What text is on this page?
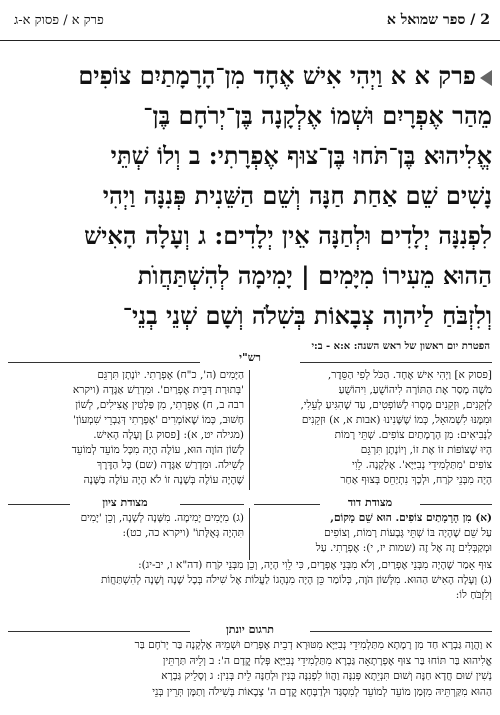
2 / ספר שמואל א
פרק א / פסוק א-ג
פרק א א וַיְהִי אִישׁ אֶחָד מִן־הָרָמָתַיִם צוֹפִים
מֵהַר אֶפְרָיִם וּשְׁמוֹ אֶלְקָנָה בֶּן־יְרֹחָם בֶּן־
אֱלִיהוּא בֶּן־תֹּחוּ בֶּן־צוּף אֶפְרָתִי: ב וְלוֹ שְׁתֵּי
נָשִׁים שֵׁם אַחַת חַנָּה וְשֵׁם הַשֵּׁנִית פְּנִנָּה וַיְהִי
לִפְנִנָּה יְלָדִים וּלְחַנָּה אֵין יְלָדִים: ג וְעָלָה הָאִישׁ
הַהוּא מֵעִירוֹ מִיָּמִים | יָמִימָה לְהִשְׁתַּחֲוֺת
וְלִזְבֹּחַ לַיהוָה צְבָאוֹת בְּשִׁלֹה וְשָׁם שְׁנֵי בְנֵי־
הפטרת יום ראשון של ראש השנה: א:א - ב:י
רש"י
[פסוק א] וַיְהִי אִישׁ אֶחָד. הַכֹּל לְפִי הַסֵּדֶר,
מֹשֶׁה מָסַר אֶת הַתּוֹרָה לִיהוֹשֻׁעַ, וִיהוֹשֻׁעַ
לַזְּקֵנִים, וּזְקֵנִים מָסְרוּ לַשּׁוֹפְטִים, עַד שֶׁהִגִּיעַ לְעֵלִי,
וּמִמֶּנּוּ לִשְׁמוּאֵל, כְּמוֹ שֶׁשָּׁנִינוּ (אבות א, א) וּזְקֵנִים
לַנְּבִיאִים: מִן הָרָמָתַיִם צוֹפִים. שְׁתֵּי רָמוֹת
הָיוּ שֶׁצּוֹפוֹת זוֹ אֶת זוֹ, וְיוֹנָתָן תִּרְגֵּם
צוֹפִים 'מִתַּלְמִידֵי נְבִיַּיָּא'. אֶלְקָנָה. לֵוִי
הָיָה מִבְּנֵי קֹרַח, וּלְכָךְ נִתְיַחֵס בְּצוּף אַחַר
הַיָּמִים (ה', כ"ח) אֶפְרָתִי. יוֹנָתָן תִּרְגֵּם
'בְּתוּרַת דְּבֵית אֶפְרַיִם'. וּמִדְרַשׁ אַגָּדָה (ויקרא
רבה ב, ח) אֶפְרָתִי, מִן פַּלְטִין אֲצִילִים, לְשׁוֹן
חָשׁוּב, כְּמוֹ שֶׁאוֹמְרִים 'אֶפְרָתִי דְּגַבְרֵי שִׁמְעוֹן'
(מגילה יט, א): [פסוק ג] וְעָלָה הָאִישׁ.
לְשׁוֹן הוֹוֶה הוּא, עוֹלֶה הָיָה מִכָּל מוֹעֵד לְמוֹעֵד
לְשִׁילֹה. וּמִדְרַשׁ אַגָּדָה (שם) כָּל הַדֶּרֶךְ
שֶׁהָיָה עוֹלֶה בְּשָׁנָה זוֹ לֹא הָיָה עוֹלֶה בַּשָּׁנָה
מצודת ציון	מצודת דוד
(א) מִן הָרָמָתַיִם צוֹפִים. הוּא שֵׁם מָקוֹם,
עַל שֵׁם שֶׁהָיָה בּוֹ שְׁתֵּי גְּבָעוֹת רָמוֹת, וְצוֹפִים
וּמְקַבְּלִים זֶה אֶל זֶה (שמות יז, י): אֶפְרָתִי. עַל
(ג) מִיָּמִים יָמִימָה. מִשָּׁנָה לְשָׁנָה, וְכֵן 'יָמִים
תִּהְיֶה גְּאֻלָּתוֹ' (ויקרא כה, כט):
צוּף אָמַר שֶׁהָיָה מִבְּנֵי אֶפְרַיִם, וְלֹא מִבְּנֵי אֶפְרָיִם, כִּי לֵוִי הָיָה, וְכֵן מִבְּנֵי קֹרַח (דה"א ו, יב-יג):
(ג) וְעָלָה הָאִישׁ הַהוּא. מִלְּשׁוֹן הֹוֶה, כְּלוֹמַר כֵּן הָיָה מִנְהָגוֹ לַעֲלוֹת אֶל שִׁילֹה בְּכָל שָׁנָה וְשָׁנָה לְהִשְׁתַּחֲוֹת
וְלִזְבֹּחַ לוֹ:
תרגום יונתן
א וַהֲוָה גַּבְרָא חַד מִן רָמָתָא מִתַּלְמִידֵי נְבִיַּיָּא מִטּוּרָא דְבֵית אֶפְרַיִם וּשְׁמֵיהּ אֶלְקָנָה בַּר יְרֹחָם בַּר
אֱלִיהוּא בַּר תּוֹחוּ בַּר צוּף אֶפְרָתָאָה גַּבְרָא מִתַּלְמִידֵי נְבִיַּיָּא פְּלַח קֳדָם ה': ב וְלֵיהּ תַּרְתֵּין
נְשִׁין שׁוּם חֲדָא חַנָּה וְשׁוּם תִּנְיֵתָא פְּנִנָּה וַהֲווֹ לִפְנִנָּה בְּנִין וּלְחַנָּה לֵית בְּנִין: ג וְסָלֵיק גַּבְרָא
הַהוּא מִקַּרְתֵּיהּ מִזְּמַן מוֹעֵד לְמוֹעֵד לְמִסְגַּד וּלְדַבָּחָא קֳדָם ה' צְבָאוֹת בְּשִׁילֹה וְתַמָּן תְּרֵין בְּנֵי
